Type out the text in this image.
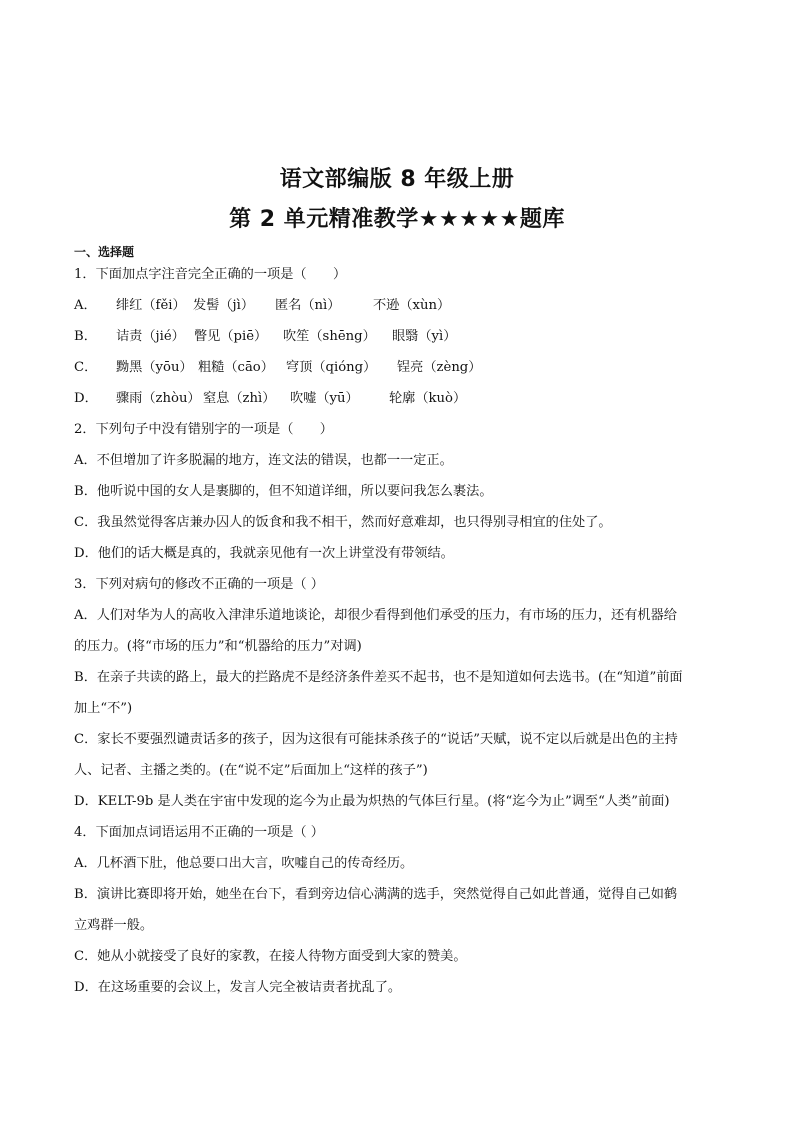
语文部编版 8 年级上册
第 2 单元精准教学★★★★★题库
一、选择题
1．下面加点字注音完全正确的一项是（　　）
A． 绯红（fěi） 发髻（jì） 匿名（nì） 不逊（xùn）
B． 诘责（jié） 瞥见（piē） 吹笙（shēng） 眼翳（yì）
C． 黝黑（yōu） 粗糙（cāo） 穹顶（qióng） 锃亮（zèng）
D． 骤雨（zhòu） 窒息（zhì） 吹嘘（yū） 轮廓（kuò）
2．下列句子中没有错别字的一项是（　　）
A．不但增加了许多脱漏的地方，连文法的错误，也都一一定正。
B．他听说中国的女人是裹脚的，但不知道详细，所以要问我怎么裹法。
C．我虽然觉得客店兼办囚人的饭食和我不相干，然而好意难却，也只得别寻相宜的住处了。
D．他们的话大概是真的，我就亲见他有一次上讲堂没有带领结。
3．下列对病句的修改不正确的一项是（ ）
A．人们对华为人的高收入津津乐道地谈论，却很少看得到他们承受的压力，有市场的压力，还有机器给
的压力。(将“市场的压力”和“机器给的压力”对调)
B．在亲子共读的路上，最大的拦路虎不是经济条件差买不起书，也不是知道如何去选书。(在“知道”前面
加上“不”)
C．家长不要强烈谴责话多的孩子，因为这很有可能抹杀孩子的“说话”天赋，说不定以后就是出色的主持
人、记者、主播之类的。(在“说不定”后面加上“这样的孩子”)
D．KELT-9b 是人类在宇宙中发现的迄今为止最为炽热的气体巨行星。(将“迄今为止”调至“人类”前面)
4．下面加点词语运用不正确的一项是（ ）
A．几杯酒下肚，他总要口出大言，吹嘘自己的传奇经历。
B．演讲比赛即将开始，她坐在台下，看到旁边信心满满的选手，突然觉得自己如此普通，觉得自己如鹤
立鸡群一般。
C．她从小就接受了良好的家教，在接人待物方面受到大家的赞美。
D．在这场重要的会议上，发言人完全被诘责者扰乱了。
